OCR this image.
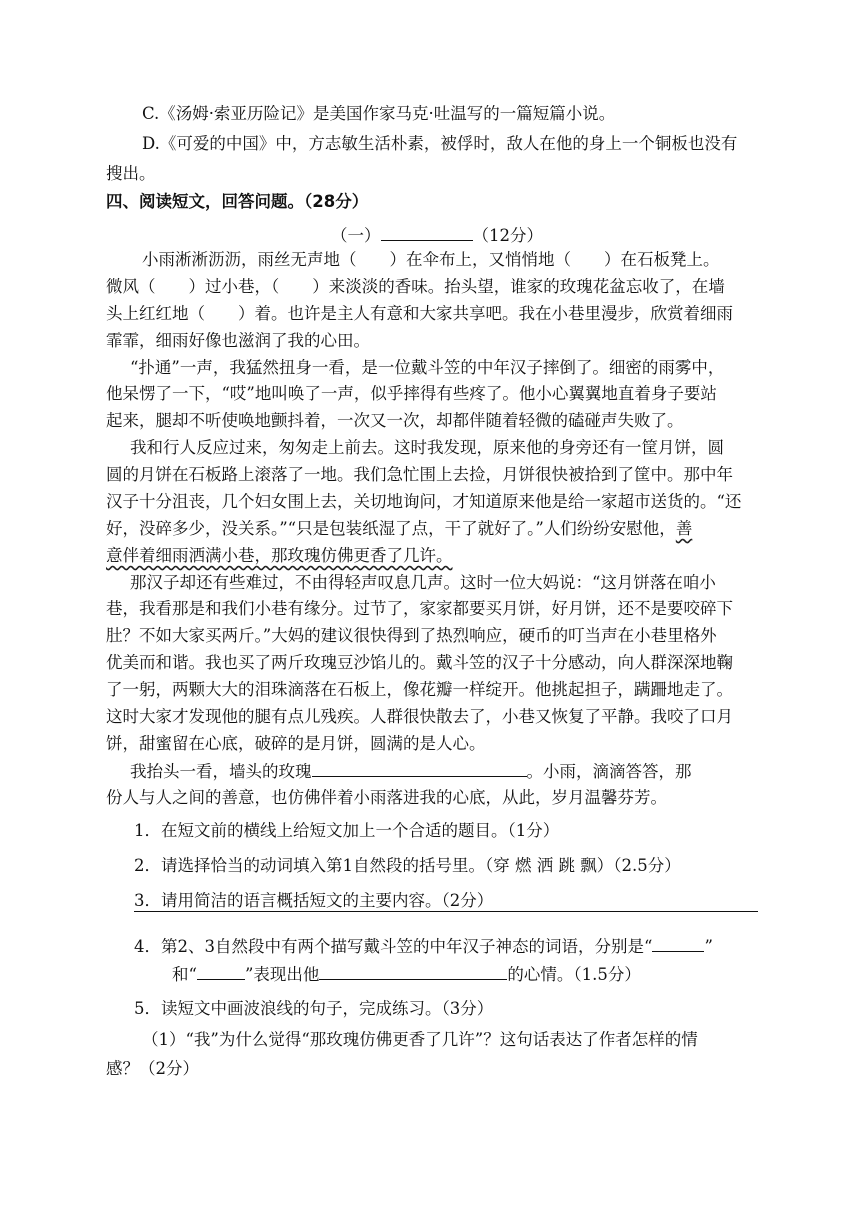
C.《汤姆·索亚历险记》是美国作家马克·吐温写的一篇短篇小说。
D.《可爱的中国》中，方志敏生活朴素，被俘时，敌人在他的身上一个铜板也没有
搜出。
四、阅读短文，回答问题。（28分）
（一）	（12分）
小雨淅淅沥沥，雨丝无声地（　　）在伞布上，又悄悄地（　　）在石板凳上。
微风（　　）过小巷，（　　）来淡淡的香味。抬头望，谁家的玫瑰花盆忘收了，在墙
头上红红地（　　）着。也许是主人有意和大家共享吧。我在小巷里漫步，欣赏着细雨
霏霏，细雨好像也滋润了我的心田。
“扑通”一声，我猛然扭身一看，是一位戴斗笠的中年汉子摔倒了。细密的雨雾中，
他呆愣了一下，“哎”地叫唤了一声，似乎摔得有些疼了。他小心翼翼地直着身子要站
起来，腿却不听使唤地颤抖着，一次又一次，却都伴随着轻微的磕碰声失败了。
我和行人反应过来，匆匆走上前去。这时我发现，原来他的身旁还有一筐月饼，圆
圆的月饼在石板路上滚落了一地。我们急忙围上去捡，月饼很快被拾到了筐中。那中年
汉子十分沮丧，几个妇女围上去，关切地询问，才知道原来他是给一家超市送货的。“还
好，没碎多少，没关系。”“只是包装纸湿了点，干了就好了。”人们纷纷安慰他，善
意伴着细雨洒满小巷，那玫瑰仿佛更香了几许。
那汉子却还有些难过，不由得轻声叹息几声。这时一位大妈说：“这月饼落在咱小
巷，我看那是和我们小巷有缘分。过节了，家家都要买月饼，好月饼，还不是要咬碎下
肚？不如大家买两斤。”大妈的建议很快得到了热烈响应，硬币的叮当声在小巷里格外
优美而和谐。我也买了两斤玫瑰豆沙馅儿的。戴斗笠的汉子十分感动，向人群深深地鞠
了一躬，两颗大大的泪珠滴落在石板上，像花瓣一样绽开。他挑起担子，蹒跚地走了。
这时大家才发现他的腿有点儿残疾。人群很快散去了，小巷又恢复了平静。我咬了口月
饼，甜蜜留在心底，破碎的是月饼，圆满的是人心。
我抬头一看，墙头的玫瑰	。小雨，滴滴答答，那
份人与人之间的善意，也仿佛伴着小雨落进我的心底，从此，岁月温馨芬芳。
1．在短文前的横线上给短文加上一个合适的题目。（1分）
2．请选择恰当的动词填入第1自然段的括号里。（穿 燃 洒 跳 飘）（2.5分）
3．请用简洁的语言概括短文的主要内容。（2分）
4．第2、3自然段中有两个描写戴斗笠的中年汉子神态的词语，分别是“	”
和“	”表现出他	的心情。（1.5分）
5．读短文中画波浪线的句子，完成练习。（3分）
（1）“我”为什么觉得“那玫瑰仿佛更香了几许”？这句话表达了作者怎样的情
感？（2分）
